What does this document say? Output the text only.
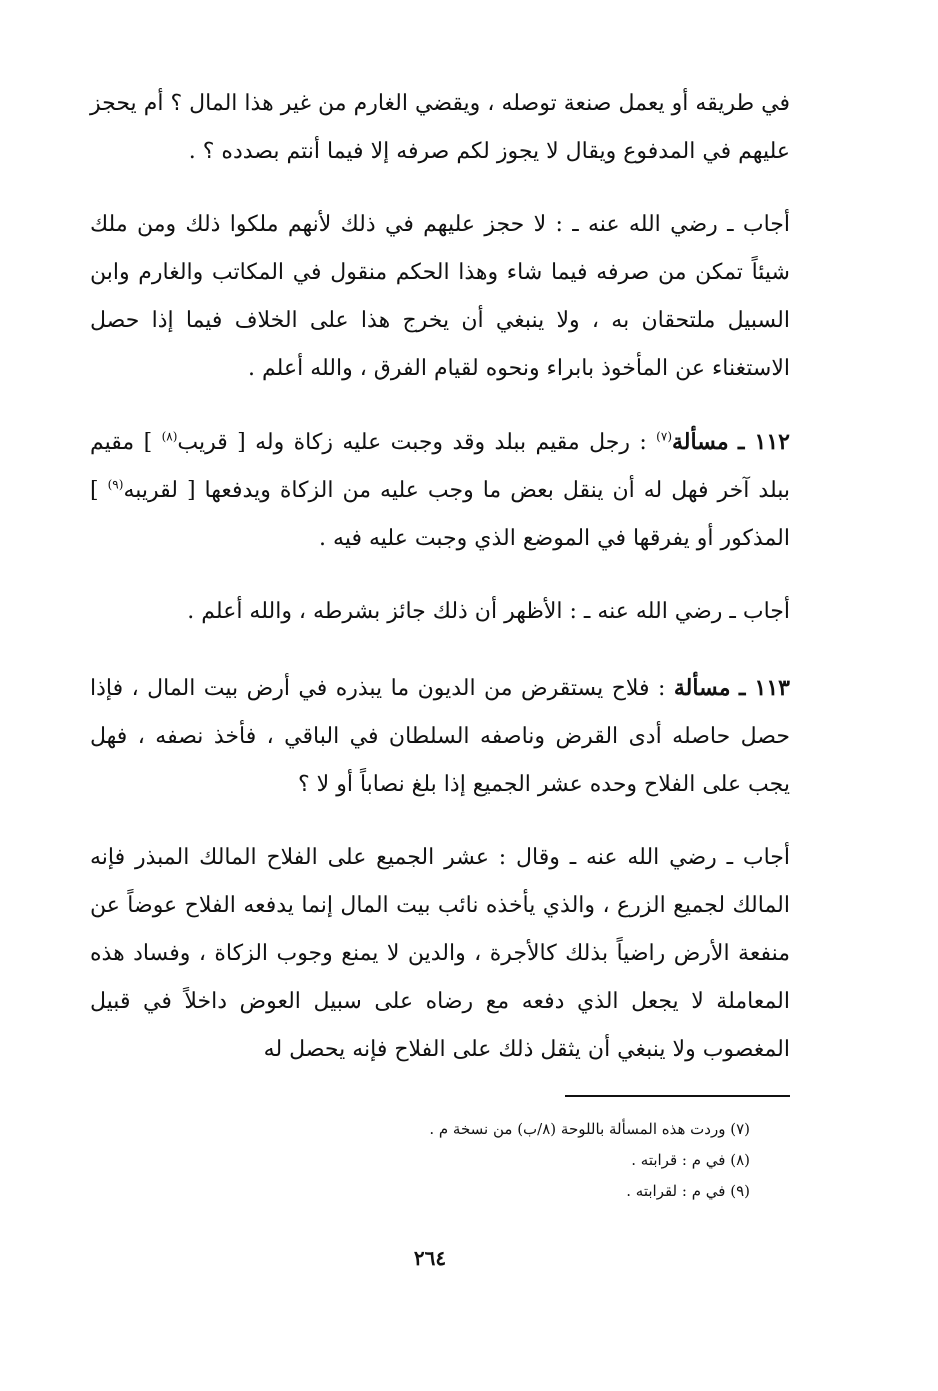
في طريقه أو يعمل صنعة توصله ، ويقضي الغارم من غير هذا المال ؟ أم يحجز عليهم في المدفوع ويقال لا يجوز لكم صرفه إلا فيما أنتم بصدده ؟ .

أجاب ـ رضي الله عنه ـ : لا حجز عليهم في ذلك لأنهم ملكوا ذلك ومن ملك شيئاً تمكن من صرفه فيما شاء وهذا الحكم منقول في المكاتب والغارم وابن السبيل ملتحقان به ، ولا ينبغي أن يخرج هذا على الخلاف فيما إذا حصل الاستغناء عن المأخوذ بابراء ونحوه لقيام الفرق ، والله أعلم .

١١٢ ـ مسألة$^{(٧)}$ : رجل مقيم ببلد وقد وجبت عليه زكاة وله [ قريب$^{(٨)}$ ] مقيم ببلد آخر فهل له أن ينقل بعض ما وجب عليه من الزكاة ويدفعها [ لقريبه$^{(٩)}$ ] المذكور أو يفرقها في الموضع الذي وجبت عليه فيه .

أجاب ـ رضي الله عنه ـ : الأظهر أن ذلك جائز بشرطه ، والله أعلم .

١١٣ ـ مسألة : فلاح يستقرض من الديون ما يبذره في أرض بيت المال ، فإذا حصل حاصله أدى القرض وناصفه السلطان في الباقي ، فأخذ نصفه ، فهل يجب على الفلاح وحده عشر الجميع إذا بلغ نصاباً أو لا ؟

أجاب ـ رضي الله عنه ـ وقال : عشر الجميع على الفلاح المالك المبذر فإنه المالك لجميع الزرع ، والذي يأخذه نائب بيت المال إنما يدفعه الفلاح عوضاً عن منفعة الأرض راضياً بذلك كالأجرة ، والدين لا يمنع وجوب الزكاة ، وفساد هذه المعاملة لا يجعل الذي دفعه مع رضاه على سبيل العوض داخلاً في قبيل المغصوب ولا ينبغي أن يثقل ذلك على الفلاح فإنه يحصل له

(٧) وردت هذه المسألة باللوحة (٨/ب) من نسخة م .

(٨) في م : قرابته .

(٩) في م : لقرابته .

٢٦٤
